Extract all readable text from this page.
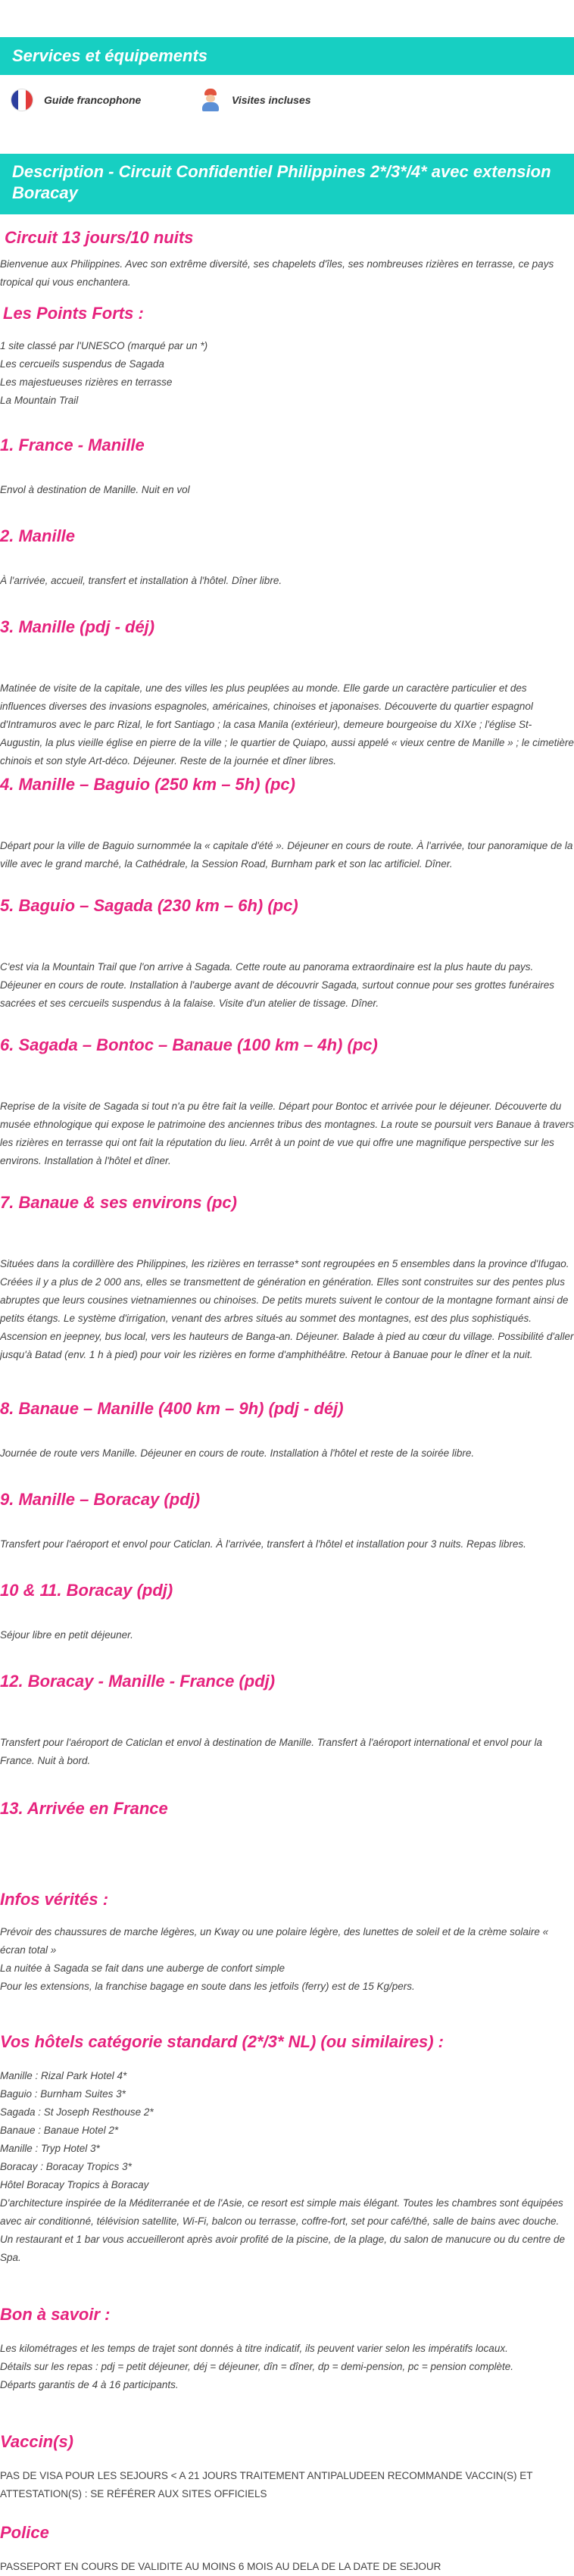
Services et équipements
Guide francophone	Visites incluses
Description - Circuit Confidentiel Philippines 2*/3*/4* avec extension Boracay
Circuit 13 jours/10 nuits

Bienvenue aux Philippines. Avec son extrême diversité, ses chapelets d'îles, ses nombreuses rizières en terrasse, ce pays tropical qui vous enchantera.

Les Points Forts :

1 site classé par l'UNESCO (marqué par un *)

Les cercueils suspendus de Sagada

Les majestueuses rizières en terrasse

La Mountain Trail

1. France - Manille

Envol à destination de Manille. Nuit en vol

2. Manille

À l'arrivée, accueil, transfert et installation à l'hôtel. Dîner libre.

3. Manille (pdj - déj)

Matinée de visite de la capitale, une des villes les plus peuplées au monde. Elle garde un caractère particulier et des influences diverses des invasions espagnoles, américaines, chinoises et japonaises. Découverte du quartier espagnol d'Intramuros avec le parc Rizal, le fort Santiago ; la casa Manila (extérieur), demeure bourgeoise du XIXe ; l'église St-Augustin, la plus vieille église en pierre de la ville ; le quartier de Quiapo, aussi appelé « vieux centre de Manille » ; le cimetière chinois et son style Art-déco. Déjeuner. Reste de la journée et dîner libres.

4. Manille – Baguio (250 km – 5h) (pc)

Départ pour la ville de Baguio surnommée la « capitale d'été ». Déjeuner en cours de route. À l'arrivée, tour panoramique de la ville avec le grand marché, la Cathédrale, la Session Road, Burnham park et son lac artificiel. Dîner.

5. Baguio – Sagada (230 km – 6h) (pc)

C'est via la Mountain Trail que l'on arrive à Sagada. Cette route au panorama extraordinaire est la plus haute du pays. Déjeuner en cours de route. Installation à l'auberge avant de découvrir Sagada, surtout connue pour ses grottes funéraires sacrées et ses cercueils suspendus à la falaise. Visite d'un atelier de tissage. Dîner.

6. Sagada – Bontoc – Banaue (100 km – 4h) (pc)

Reprise de la visite de Sagada si tout n'a pu être fait la veille. Départ pour Bontoc et arrivée pour le déjeuner. Découverte du musée ethnologique qui expose le patrimoine des anciennes tribus des montagnes. La route se poursuit vers Banaue à travers les rizières en terrasse qui ont fait la réputation du lieu. Arrêt à un point de vue qui offre une magnifique perspective sur les environs. Installation à l'hôtel et dîner.

7. Banaue & ses environs (pc)

Situées dans la cordillère des Philippines, les rizières en terrasse* sont regroupées en 5 ensembles dans la province d'Ifugao. Créées il y a plus de 2 000 ans, elles se transmettent de génération en génération. Elles sont construites sur des pentes plus abruptes que leurs cousines vietnamiennes ou chinoises. De petits murets suivent le contour de la montagne formant ainsi de petits étangs. Le système d'irrigation, venant des arbres situés au sommet des montagnes, est des plus sophistiqués. Ascension en jeepney, bus local, vers les hauteurs de Banga-an. Déjeuner. Balade à pied au cœur du village. Possibilité d'aller jusqu'à Batad (env. 1 h à pied) pour voir les rizières en forme d'amphithéâtre. Retour à Banuae pour le dîner et la nuit.

8. Banaue – Manille (400 km – 9h) (pdj - déj)

Journée de route vers Manille. Déjeuner en cours de route. Installation à l'hôtel et reste de la soirée libre.

9. Manille – Boracay (pdj)

Transfert pour l'aéroport et envol pour Caticlan. À l'arrivée, transfert à l'hôtel et installation pour 3 nuits. Repas libres.

10 & 11. Boracay (pdj)

Séjour libre en petit déjeuner.

12. Boracay - Manille - France (pdj)

Transfert pour l'aéroport de Caticlan et envol à destination de Manille. Transfert à l'aéroport international et envol pour la France. Nuit à bord.

13. Arrivée en France
Infos vérités :

Prévoir des chaussures de marche légères, un Kway ou une polaire légère, des lunettes de soleil et de la crème solaire « écran total »

La nuitée à Sagada se fait dans une auberge de confort simple

Pour les extensions, la franchise bagage en soute dans les jetfoils (ferry) est de 15 Kg/pers.

Vos hôtels catégorie standard (2*/3* NL) (ou similaires) :

Manille : Rizal Park Hotel 4*

Baguio : Burnham Suites 3*

Sagada : St Joseph Resthouse 2*

Banaue : Banaue Hotel 2*

Manille : Tryp Hotel 3*

Boracay : Boracay Tropics 3*

Hôtel Boracay Tropics à Boracay

D'architecture inspirée de la Méditerranée et de l'Asie, ce resort est simple mais élégant. Toutes les chambres sont équipées avec air conditionné, télévision satellite, Wi-Fi, balcon ou terrasse, coffre-fort, set pour café/thé, salle de bains avec douche. Un restaurant et 1 bar vous accueilleront après avoir profité de la piscine, de la plage, du salon de manucure ou du centre de Spa.

Bon à savoir :

Les kilométrages et les temps de trajet sont donnés à titre indicatif, ils peuvent varier selon les impératifs locaux.

Détails sur les repas : pdj = petit déjeuner, déj = déjeuner, dîn = dîner, dp = demi-pension, pc = pension complète.

Départs garantis de 4 à 16 participants.

Vaccin(s)

PAS DE VISA POUR LES SEJOURS < A 21 JOURS TRAITEMENT ANTIPALUDEEN RECOMMANDE VACCIN(S) ET ATTESTATION(S) : SE RÉFÉRER AUX SITES OFFICIELS

Police

PASSEPORT EN COURS DE VALIDITE AU MOINS 6 MOIS AU DELA DE LA DATE DE SEJOUR
